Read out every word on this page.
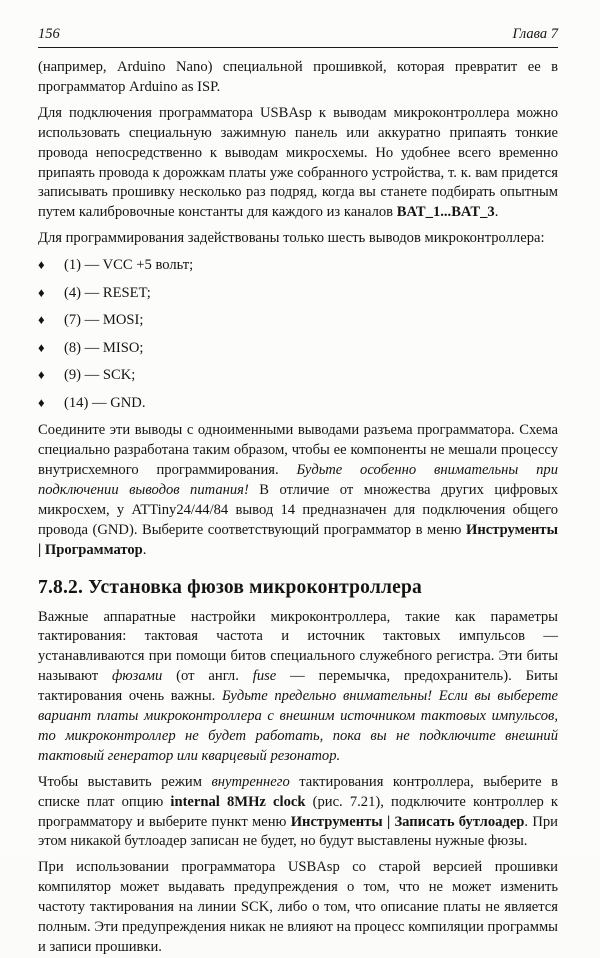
156	Глава 7

(например, Arduino Nano) специальной прошивкой, которая превратит ее в программатор Arduino as ISP.

Для подключения программатора USBAsp к выводам микроконтроллера можно использовать специальную зажимную панель или аккуратно припаять тонкие провода непосредственно к выводам микросхемы. Но удобнее всего временно припаять провода к дорожкам платы уже собранного устройства, т. к. вам придется записывать прошивку несколько раз подряд, когда вы станете подбирать опытным путем калибровочные константы для каждого из каналов BAT_1...BAT_3.

Для программирования задействованы только шесть выводов микроконтроллера:

♦	(1) — VCC +5 вольт;
♦	(4) — RESET;
♦	(7) — MOSI;
♦	(8) — MISO;
♦	(9) — SCK;
♦	(14) — GND.

Соедините эти выводы с одноименными выводами разъема программатора. Схема специально разработана таким образом, чтобы ее компоненты не мешали процессу внутрисхемного программирования. Будьте особенно внимательны при подключении выводов питания! В отличие от множества других цифровых микросхем, у ATTiny24/44/84 вывод 14 предназначен для подключения общего провода (GND). Выберите соответствующий программатор в меню Инструменты | Программатор.

7.8.2. Установка фюзов микроконтроллера

Важные аппаратные настройки микроконтроллера, такие как параметры тактирования: тактовая частота и источник тактовых импульсов — устанавливаются при помощи битов специального служебного регистра. Эти биты называют фюзами (от англ. fuse — перемычка, предохранитель). Биты тактирования очень важны. Будьте предельно внимательны! Если вы выберете вариант платы микроконтроллера с внешним источником тактовых импульсов, то микроконтроллер не будет работать, пока вы не подключите внешний тактовый генератор или кварцевый резонатор.

Чтобы выставить режим внутреннего тактирования контроллера, выберите в списке плат опцию internal 8MHz clock (рис. 7.21), подключите контроллер к программатору и выберите пункт меню Инструменты | Записать бутлоадер. При этом никакой бутлоадер записан не будет, но будут выставлены нужные фюзы.

При использовании программатора USBAsp со старой версией прошивки компилятор может выдавать предупреждения о том, что не может изменить частоту тактирования на линии SCK, либо о том, что описание платы не является полным. Эти предупреждения никак не влияют на процесс компиляции программы и записи прошивки.
